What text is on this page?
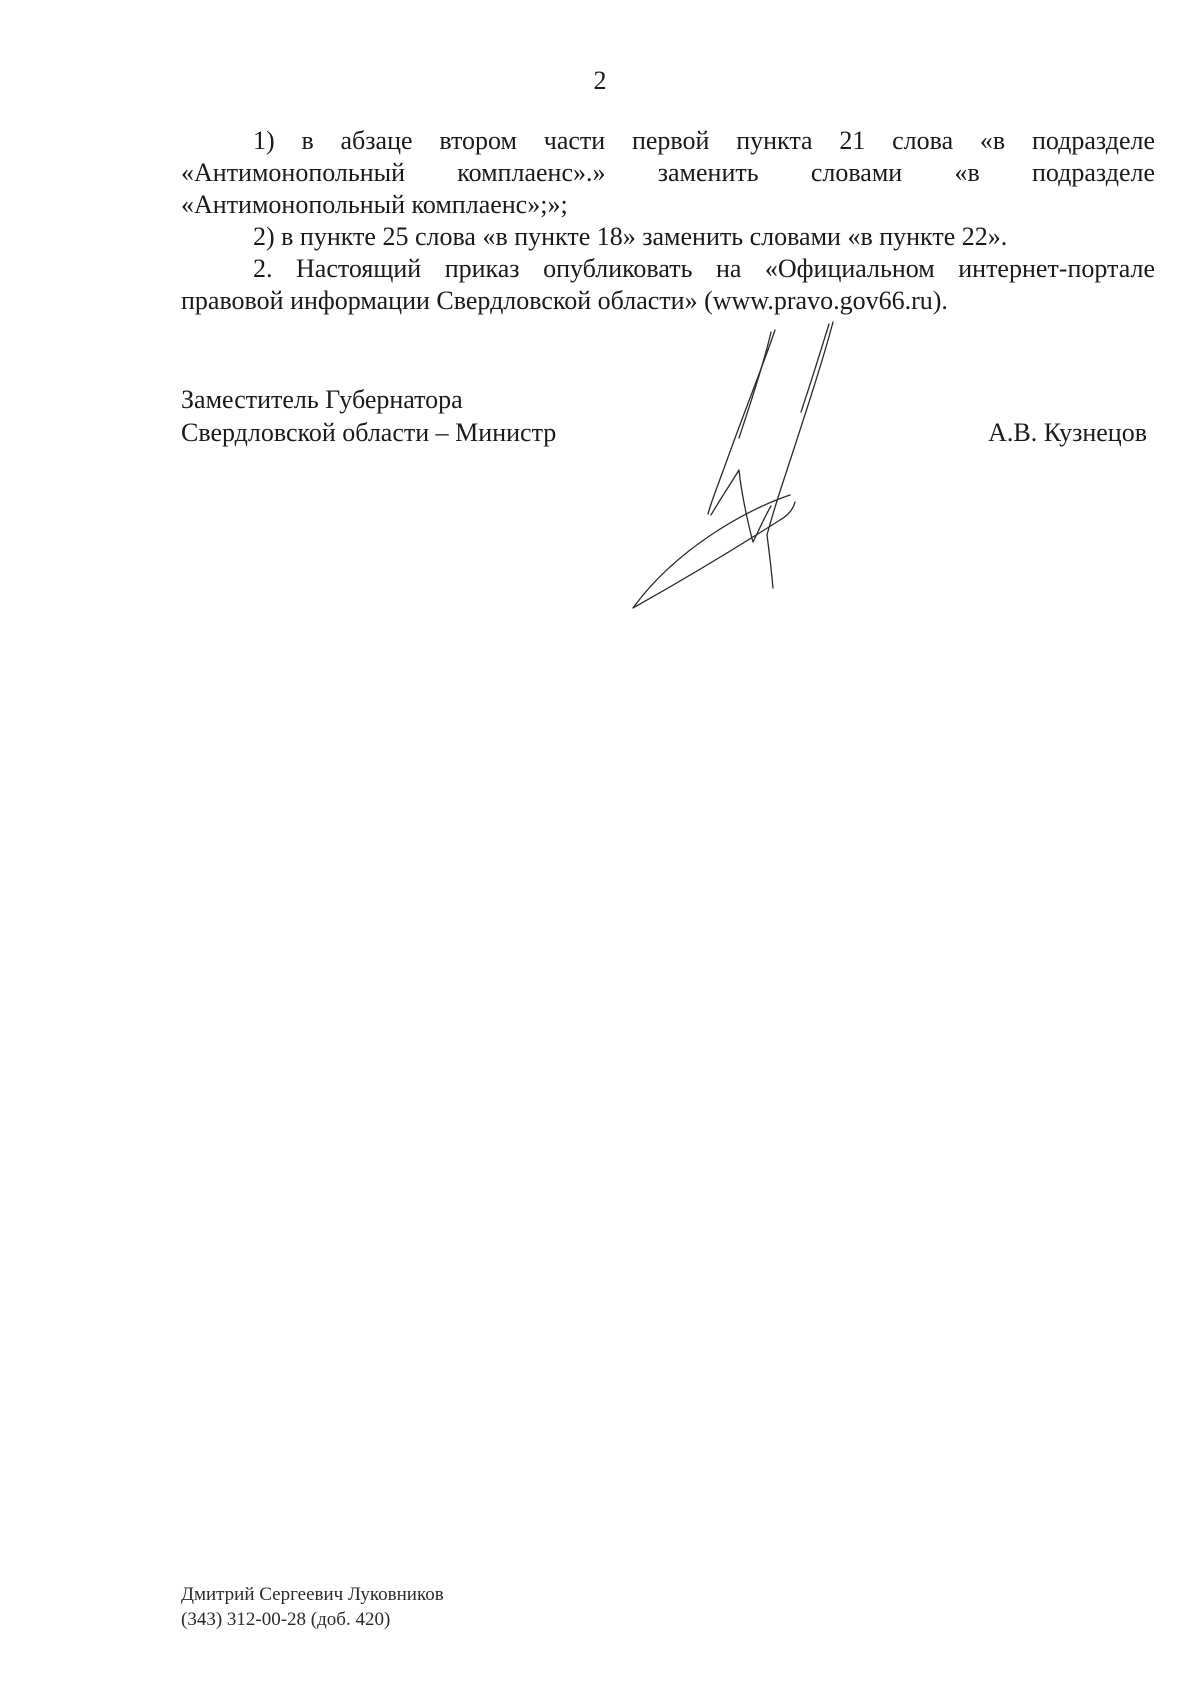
2

1) в абзаце втором части первой пункта 21 слова «в подразделе «Антимонопольный комплаенс».» заменить словами «в подразделе «Антимонопольный комплаенс»;»;

2) в пункте 25 слова «в пункте 18» заменить словами «в пункте 22».

2. Настоящий приказ опубликовать на «Официальном интернет-портале правовой информации Свердловской области» (www.pravo.gov66.ru).

Заместитель Губернатора
Свердловской области – Министр	А.В. Кузнецов
Дмитрий Сергеевич Луковников
(343) 312-00-28 (доб. 420)
